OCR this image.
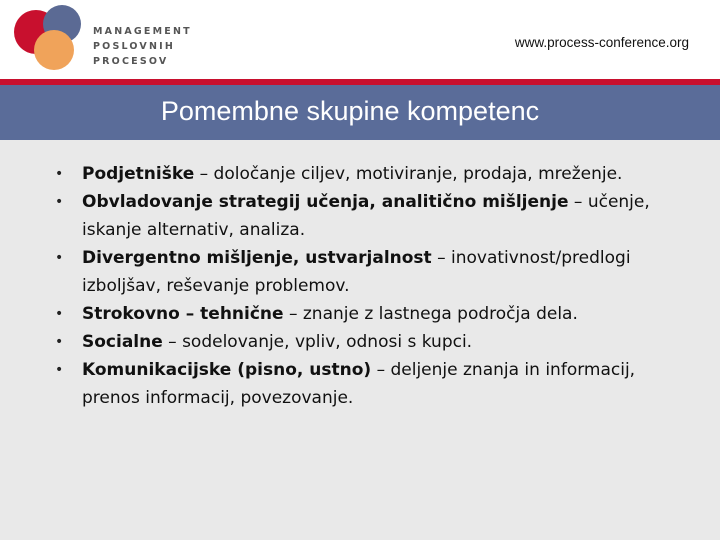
MANAGEMENT
POSLOVNIH
PROCESOV
www.process-conference.org
Pomembne skupine kompetenc
• Podjetniške – določanje ciljev, motiviranje, prodaja, mreženje.
• Obvladovanje strategij učenja, analitično mišljenje – učenje, iskanje alternativ, analiza.
• Divergentno mišljenje, ustvarjalnost – inovativnost/predlogi izboljšav, reševanje problemov.
• Strokovno – tehnične – znanje z lastnega področja dela.
• Socialne – sodelovanje, vpliv, odnosi s kupci.
• Komunikacijske (pisno, ustno) – deljenje znanja in informacij, prenos informacij, povezovanje.
